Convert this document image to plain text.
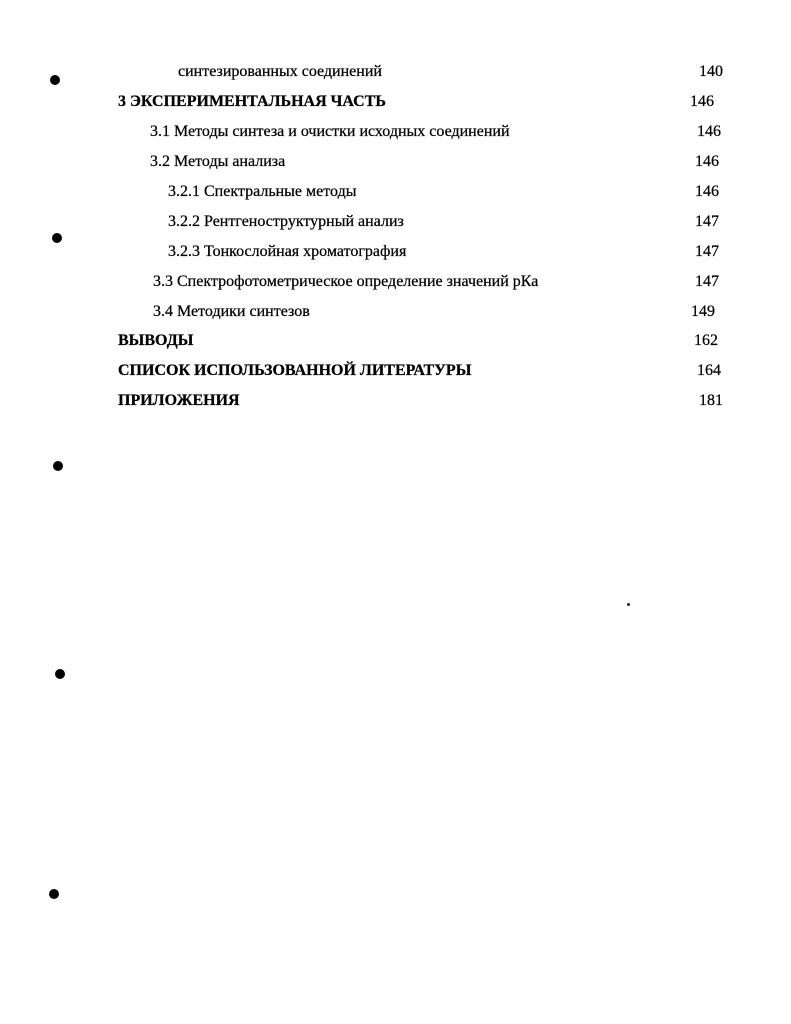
синтезированных соединений	140
3 ЭКСПЕРИМЕНТАЛЬНАЯ ЧАСТЬ	146
3.1 Методы синтеза и очистки исходных соединений	146
3.2 Методы анализа	146
3.2.1 Спектральные методы	146
3.2.2 Рентгеноструктурный анализ	147
3.2.3 Тонкослойная хроматография	147
3.3 Спектрофотометрическое определение значений рКа	147
3.4 Методики синтезов	149
ВЫВОДЫ	162
СПИСОК ИСПОЛЬЗОВАННОЙ ЛИТЕРАТУРЫ	164
ПРИЛОЖЕНИЯ	181
